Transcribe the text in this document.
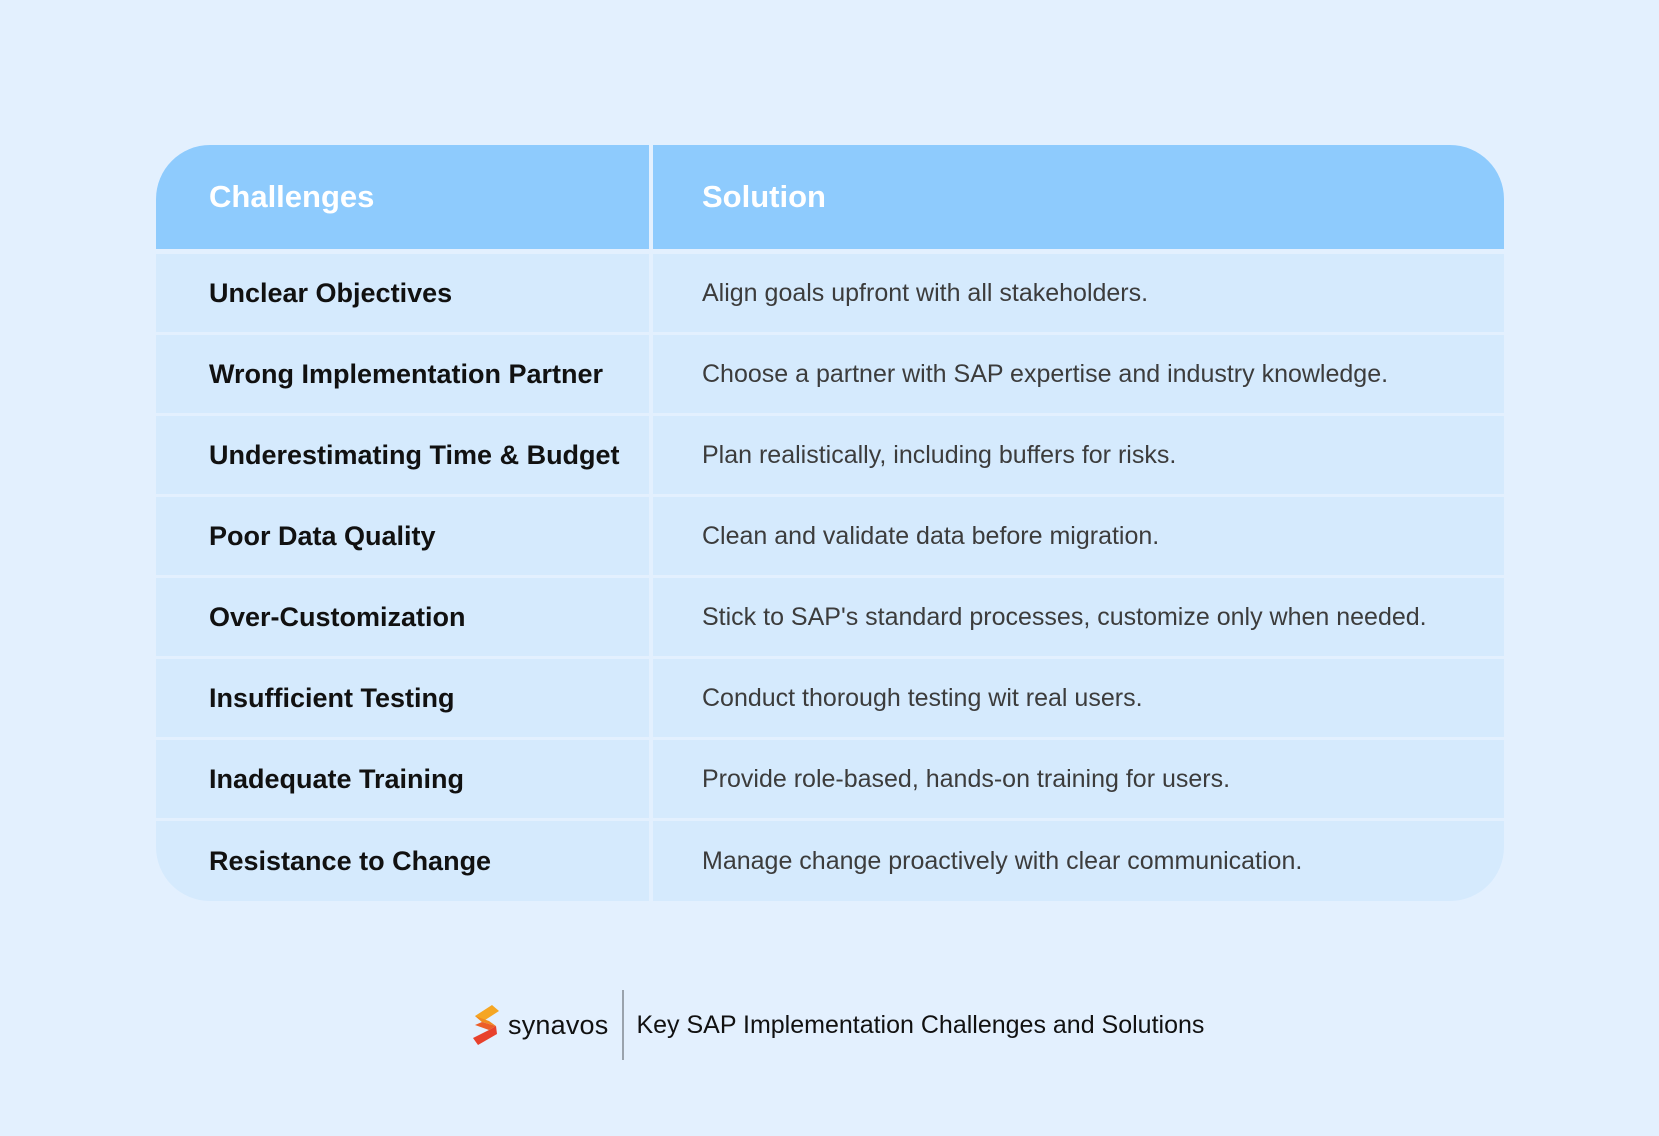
Challenges	Solution
Unclear Objectives	Align goals upfront with all stakeholders.
Wrong Implementation Partner	Choose a partner with SAP expertise and industry knowledge.
Underestimating Time & Budget	Plan realistically, including buffers for risks.
Poor Data Quality	Clean and validate data before migration.
Over-Customization	Stick to SAP's standard processes, customize only when needed.
Insufficient Testing	Conduct thorough testing wit real users.
Inadequate Training	Provide role-based, hands-on training for users.
Resistance to Change	Manage change proactively with clear communication.
synavos Key SAP Implementation Challenges and Solutions
